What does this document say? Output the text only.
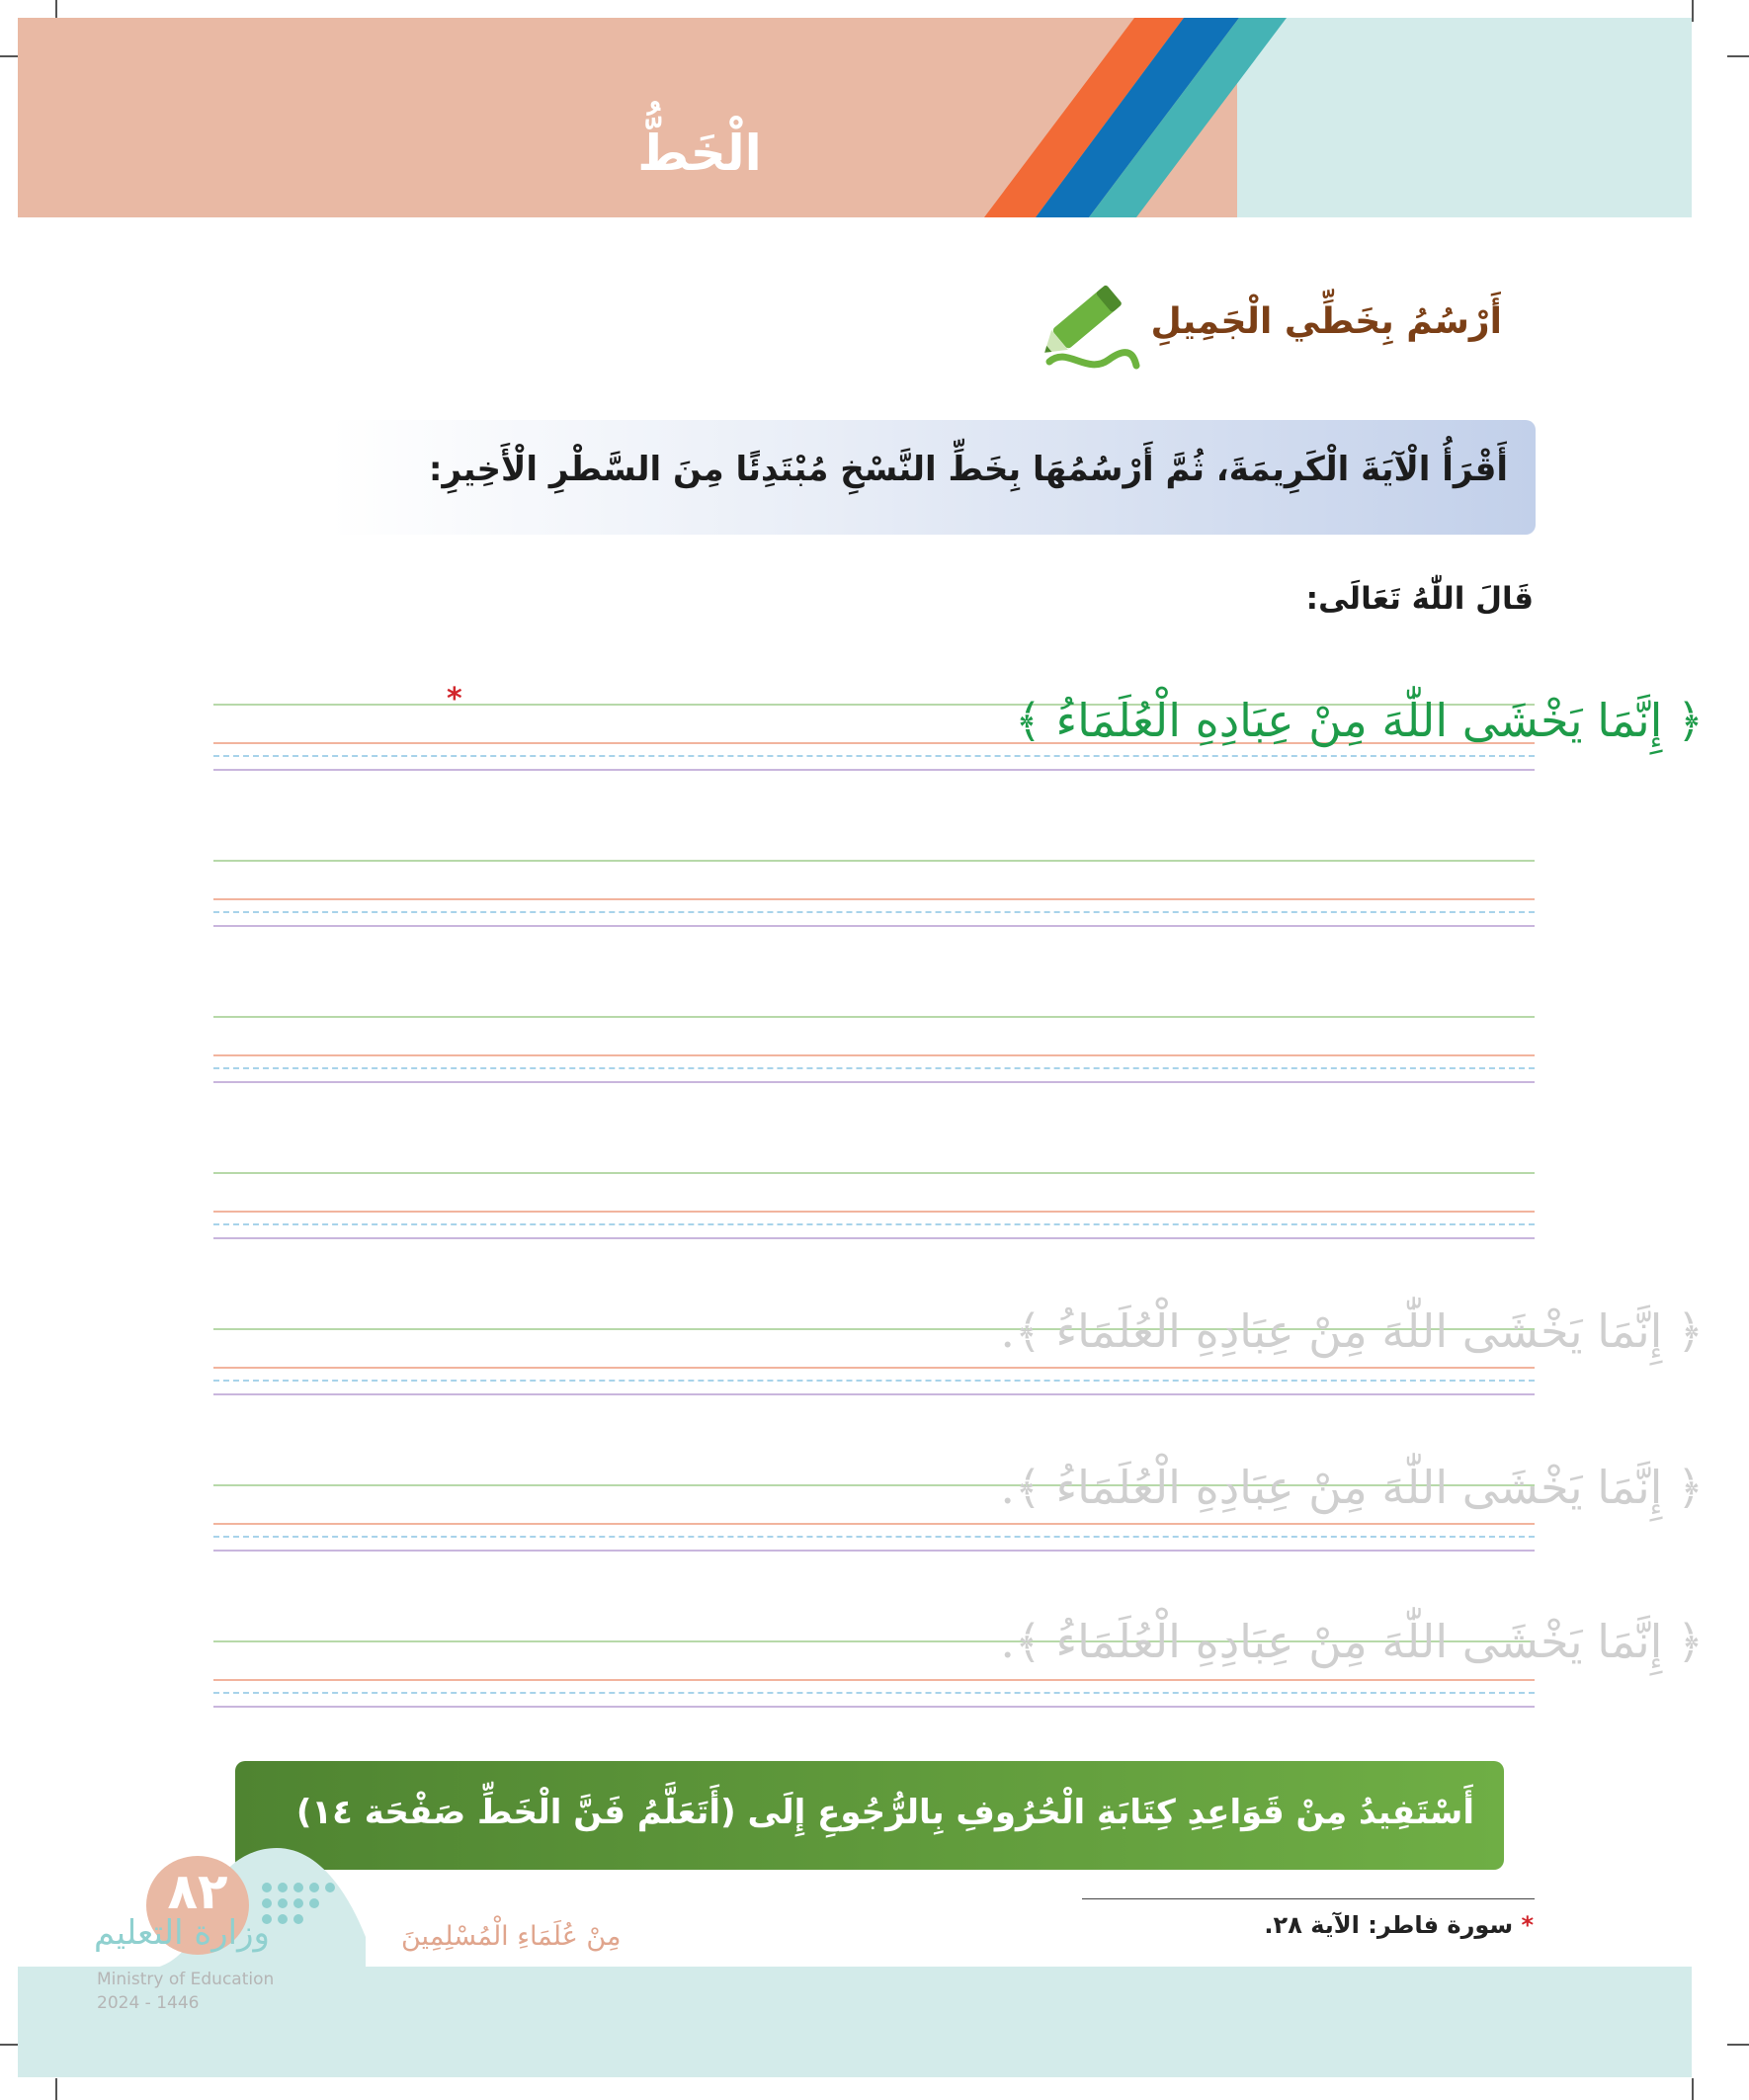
الْخَطُّ
أَرْسُمُ بِخَطِّي الْجَمِيلِ
أَقْرَأُ الْآيَةَ الْكَرِيمَةَ، ثُمَّ أَرْسُمُهَا بِخَطِّ النَّسْخِ مُبْتَدِئًا مِنَ السَّطْرِ الْأَخِيرِ:
قَالَ اللّٰهُ تَعَالَى:
﴿ إِنَّمَا يَخْشَى اللّٰهَ مِنْ عِبَادِهِ الْعُلَمَاءُ ﴾
*
﴿ إِنَّمَا يَخْشَى اللّٰهَ مِنْ عِبَادِهِ الْعُلَمَاءُ ﴾.
﴿ إِنَّمَا يَخْشَى اللّٰهَ مِنْ عِبَادِهِ الْعُلَمَاءُ ﴾.
﴿ إِنَّمَا يَخْشَى اللّٰهَ مِنْ عِبَادِهِ الْعُلَمَاءُ ﴾.
أَسْتَفِيدُ مِنْ قَوَاعِدِ كِتَابَةِ الْحُرُوفِ بِالرُّجُوعِ إِلَى (أَتَعَلَّمُ فَنَّ الْخَطِّ صَفْحَة ١٤)
* سورة فاطر: الآية ٢٨.
٨٢
مِنْ عُلَمَاءِ الْمُسْلِمِينَ
وزارة التعليم
Ministry of Education
2024 - 1446
